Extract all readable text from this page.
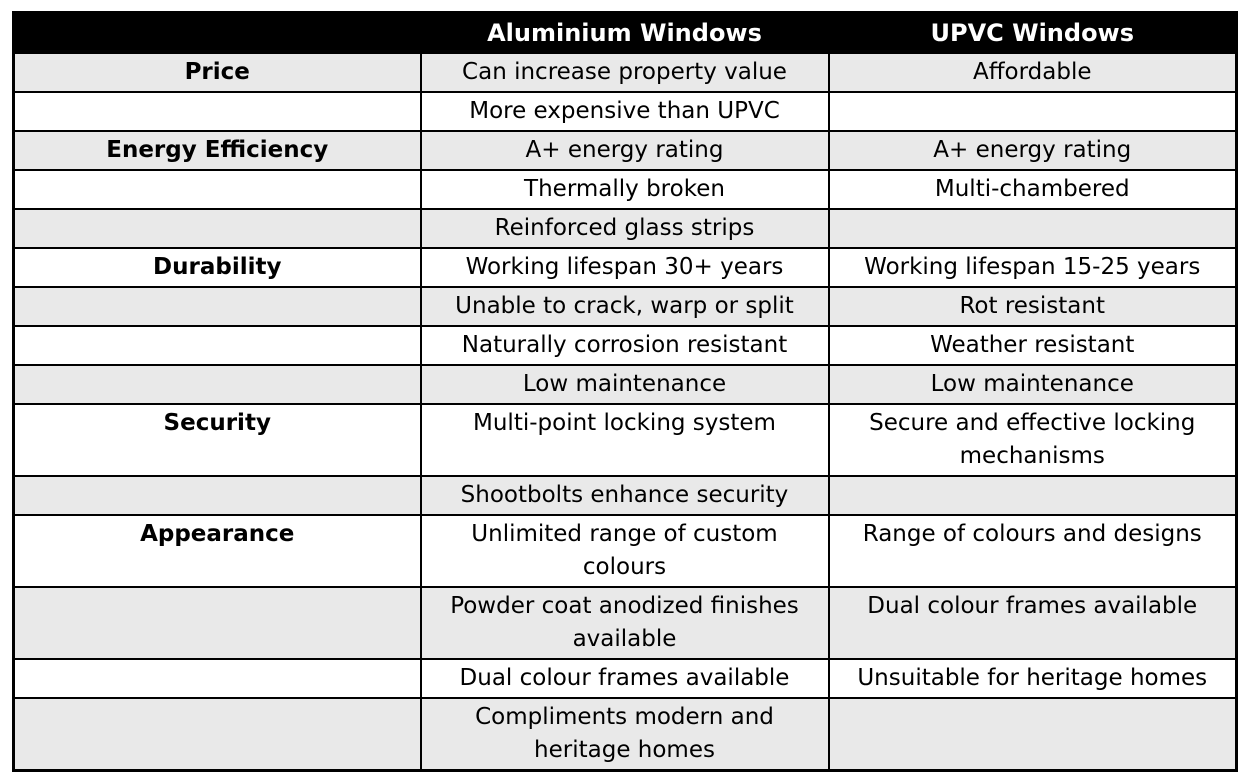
	Aluminium Windows	UPVC Windows
Price	Can increase property value	Affordable
	More expensive than UPVC	
Energy Efficiency	A+ energy rating	A+ energy rating
	Thermally broken	Multi-chambered
	Reinforced glass strips	
Durability	Working lifespan 30+ years	Working lifespan 15-25 years
	Unable to crack, warp or split	Rot resistant
	Naturally corrosion resistant	Weather resistant
	Low maintenance	Low maintenance
Security	Multi-point locking system	Secure and effective locking mechanisms
	Shootbolts enhance security	
Appearance	Unlimited range of custom colours	Range of colours and designs
	Powder coat anodized finishes available	Dual colour frames available
	Dual colour frames available	Unsuitable for heritage homes
	Compliments modern and heritage homes	
